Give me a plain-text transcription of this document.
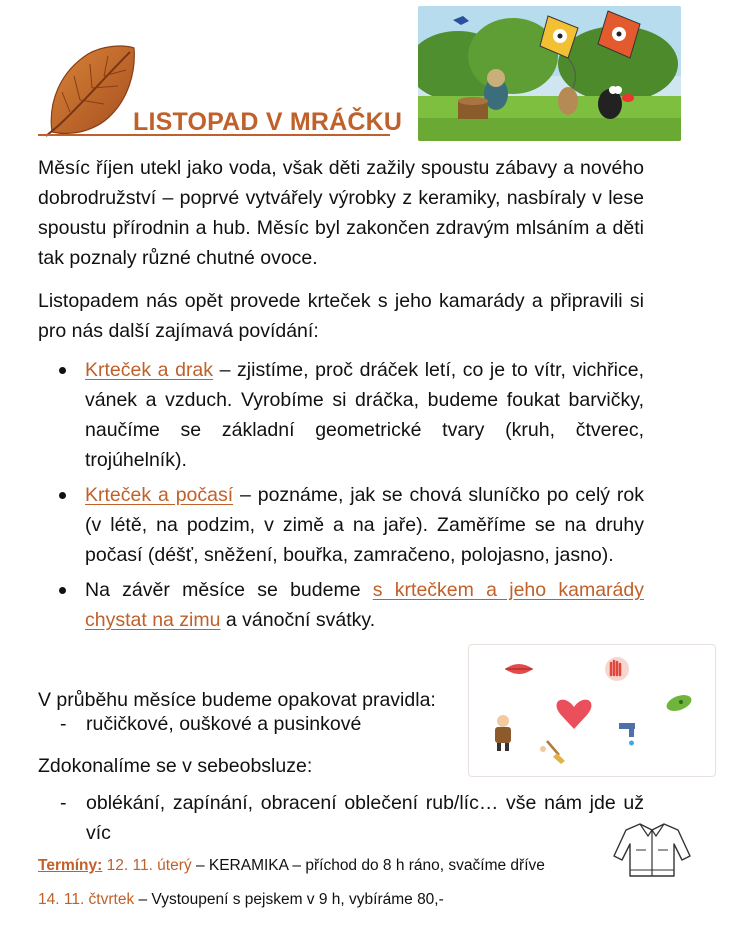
LISTOPAD V MRÁČKU

Měsíc říjen utekl jako voda, však děti zažily spoustu zábavy a nového dobrodružství – poprvé vytvářely výrobky z keramiky, nasbíraly v lese spoustu přírodnin a hub. Měsíc byl zakončen zdravým mlsáním a děti tak poznaly různé chutné ovoce.

Listopadem nás opět provede krteček s jeho kamarády a připravili si pro nás další zajímavá povídání:

Krteček a drak – zjistíme, proč dráček letí, co je to vítr, vichřice, vánek a vzduch. Vyrobíme si dráčka, budeme foukat barvičky, naučíme se základní geometrické tvary (kruh, čtverec, trojúhelník).
Krteček a počasí – poznáme, jak se chová sluníčko po celý rok (v létě, na podzim, v zimě a na jaře). Zaměříme se na druhy počasí (déšť, sněžení, bouřka, zamračeno, polojasno, jasno).
Na závěr měsíce se budeme s krtečkem a jeho kamarády chystat na zimu a vánoční svátky.
V průběhu měsíce budeme opakovat pravidla:
- ručičkové, ouškové a pusinkové
Zdokonalíme se v sebeobsluze:
- oblékání, zapínání, obracení oblečení rub/líc… vše nám jde už víc
Termíny: 12. 11. úterý – KERAMIKA – příchod do 8 h ráno, svačíme dříve
14. 11. čtvrtek – Vystoupení s pejskem v 9 h, vybíráme 80,-
